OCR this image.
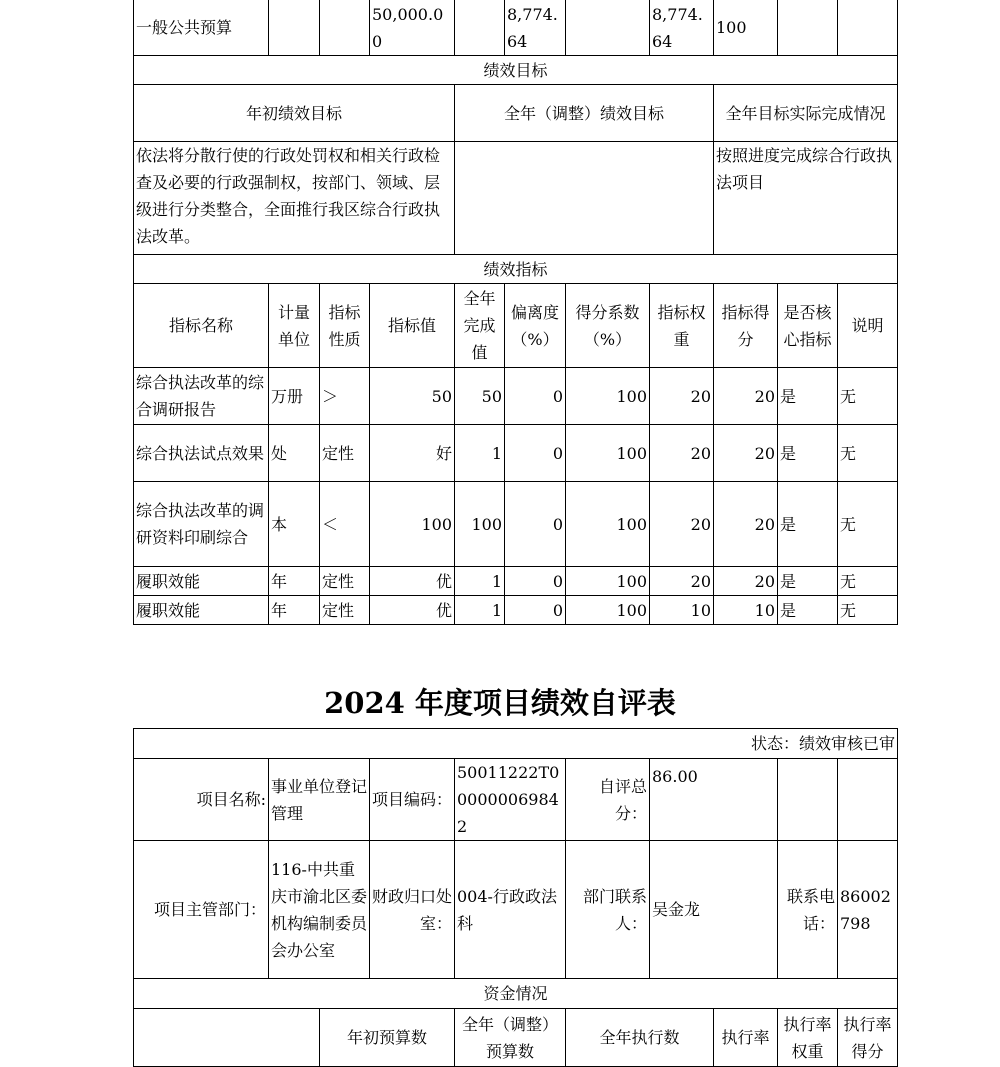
一般公共预算			50,000.00		8,774.64		8,774.64	100		
绩效目标										
年初绩效目标				全年（调整）绩效目标				全年目标实际完成情况		
依法将分散行使的行政处罚权和相关行政检查及必要的行政强制权，按部门、领域、层级进行分类整合，全面推行我区综合行政执法改革。								按照进度完成综合行政执法项目		
绩效指标										
指标名称	计量单位	指标性质	指标值	全年完成值	偏离度（%）	得分系数（%）	指标权重	指标得分	是否核心指标	说明
综合执法改革的综合调研报告	万册	＞	50	50	0	100	20	20	是	无
综合执法试点效果	处	定性	好	1	0	100	20	20	是	无
综合执法改革的调研资料印刷综合	本	＜	100	100	0	100	20	20	是	无
履职效能	年	定性	优	1	0	100	20	20	是	无
履职效能	年	定性	优	1	0	100	10	10	是	无
2024 年度项目绩效自评表
状态：绩效审核已审									
项目名称:	事业单位登记管理		项目编码：	50011222T000000069842	自评总分：	86.00			
项目主管部门：	116-中共重庆市渝北区委机构编制委员会办公室		财政归口处室：	004-行政政法科	部门联系人：	吴金龙		联系电话：	86002798
资金情况									
		年初预算数		全年（调整）预算数	全年执行数		执行率	执行率权重	执行率得分
